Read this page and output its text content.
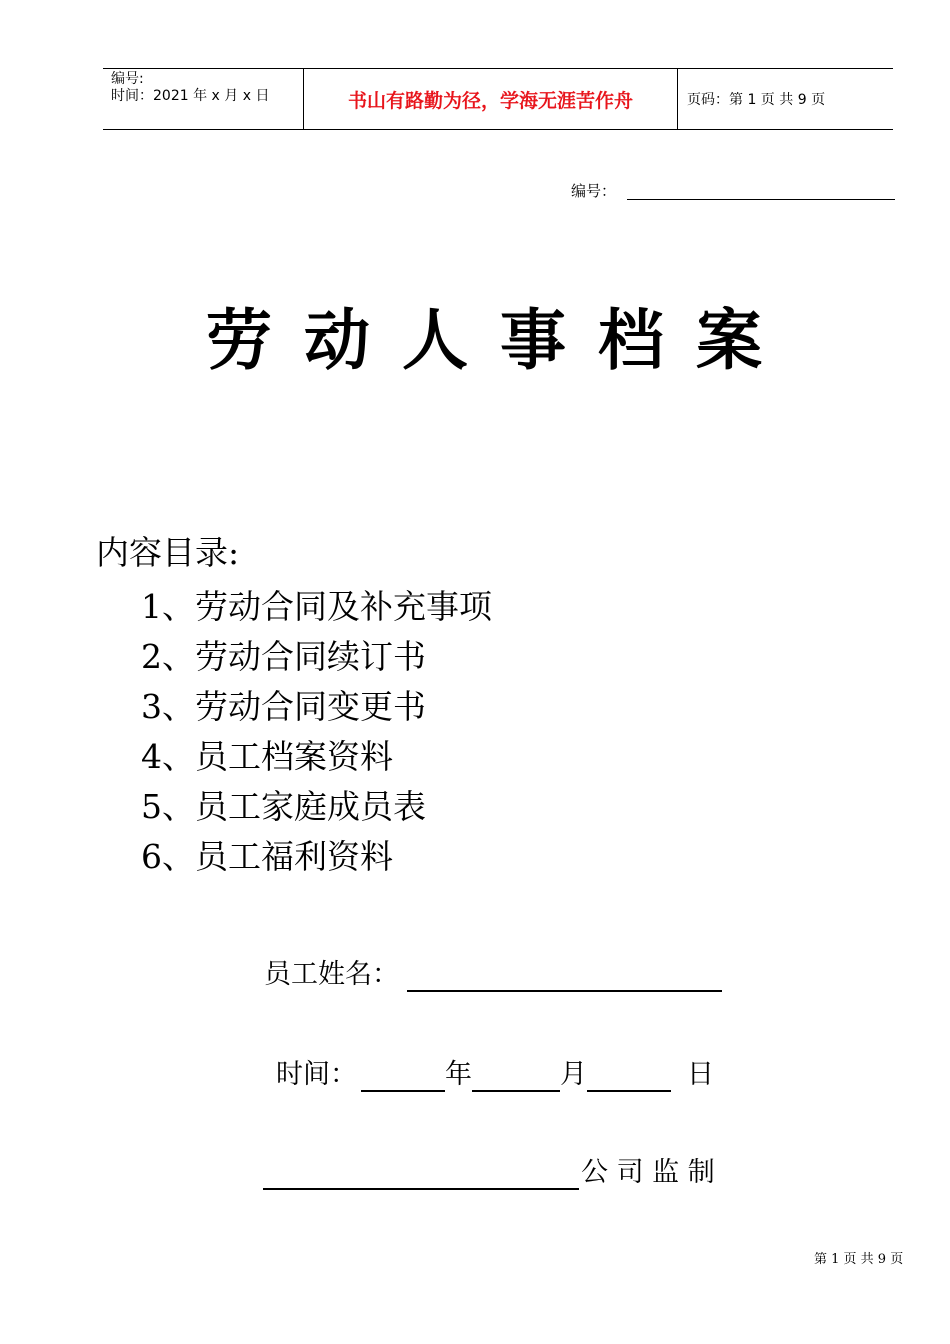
编号:
时间：2021 年 x 月 x 日	书山有路勤为径，学海无涯苦作舟	页码：第 1 页 共 9 页
编号：
劳动人事档案
内容目录:
1、劳动合同及补充事项
2、劳动合同续订书
3、劳动合同变更书
4、员工档案资料
5、员工家庭成员表
6、员工福利资料
员工姓名：
时间：	年	月	日
公 司 监 制
第 1 页 共 9 页
